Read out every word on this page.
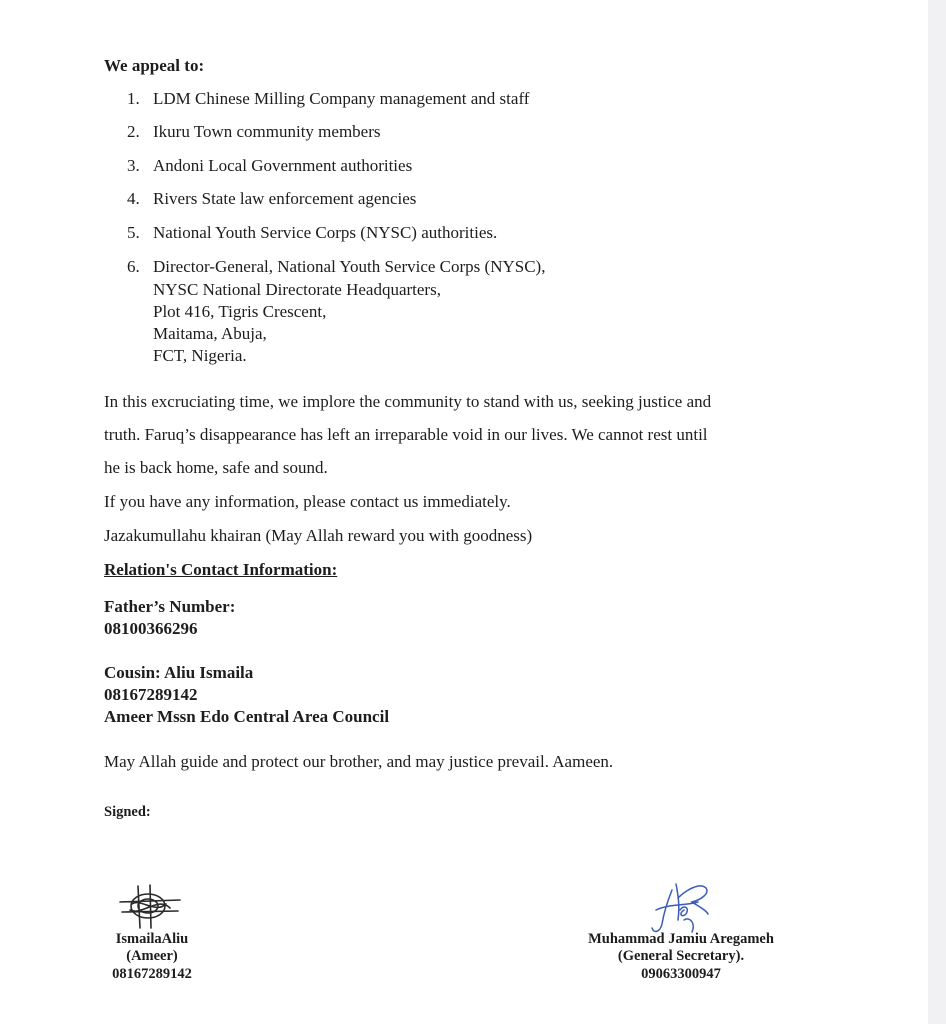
We appeal to:
1. LDM Chinese Milling Company management and staff
2. Ikuru Town community members
3. Andoni Local Government authorities
4. Rivers State law enforcement agencies
5. National Youth Service Corps (NYSC) authorities.
6. Director-General, National Youth Service Corps (NYSC),
NYSC National Directorate Headquarters,
Plot 416, Tigris Crescent,
Maitama, Abuja,
FCT, Nigeria.
In this excruciating time, we implore the community to stand with us, seeking justice and
truth. Faruq’s disappearance has left an irreparable void in our lives. We cannot rest until
he is back home, safe and sound.
If you have any information, please contact us immediately.
Jazakumullahu khairan (May Allah reward you with goodness)
Relation's Contact Information:
Father’s Number:
08100366296
Cousin: Aliu Ismaila
08167289142
Ameer Mssn Edo Central Area Council
May Allah guide and protect our brother, and may justice prevail. Aameen.
Signed:
IsmailaAliu
(Ameer)
08167289142
Muhammad Jamiu Aregameh
(General Secretary).
09063300947
